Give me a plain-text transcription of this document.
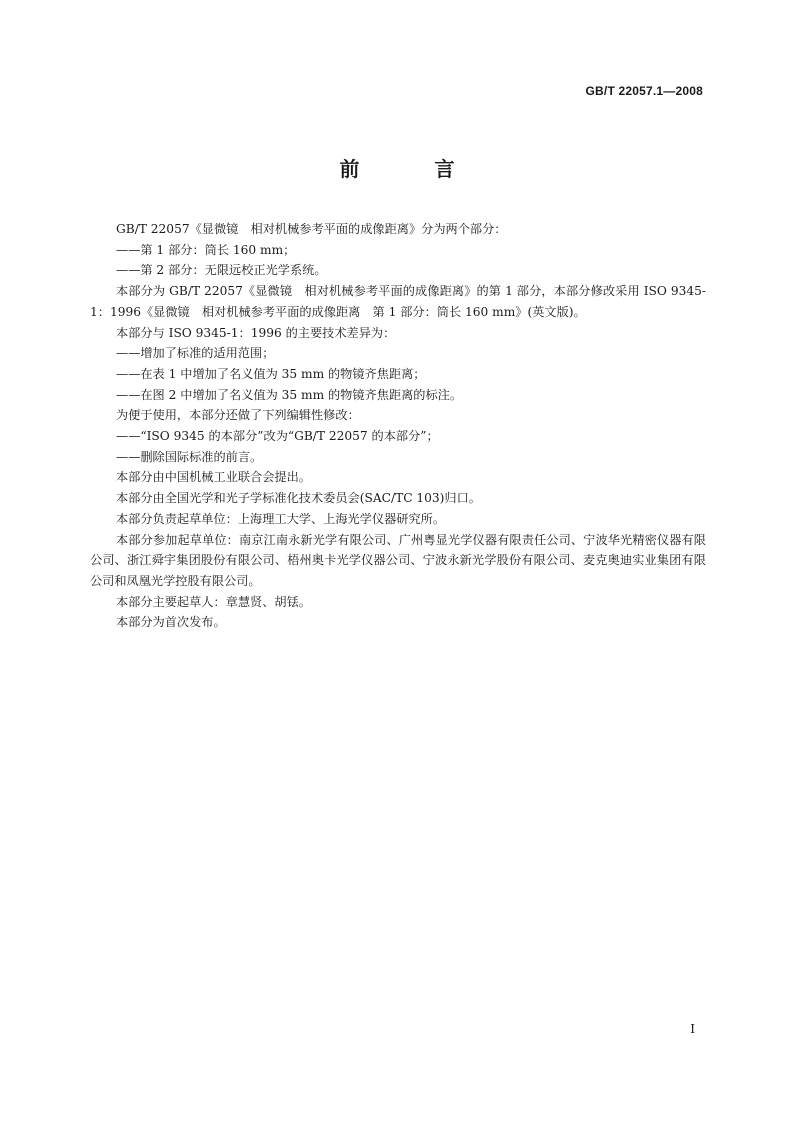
GB/T 22057.1—2008
前 言

GB/T 22057《显微镜　相对机械参考平面的成像距离》分为两个部分：

——第 1 部分：筒长 160 mm；

——第 2 部分：无限远校正光学系统。

本部分为 GB/T 22057《显微镜　相对机械参考平面的成像距离》的第 1 部分，本部分修改采用 ISO 9345-1：1996《显微镜　相对机械参考平面的成像距离　第 1 部分：筒长 160 mm》(英文版)。

本部分与 ISO 9345-1：1996 的主要技术差异为：

——增加了标准的适用范围；

——在表 1 中增加了名义值为 35 mm 的物镜齐焦距离；

——在图 2 中增加了名义值为 35 mm 的物镜齐焦距离的标注。

为便于使用，本部分还做了下列编辑性修改：

——“ISO 9345 的本部分”改为“GB/T 22057 的本部分”；

——删除国际标准的前言。

本部分由中国机械工业联合会提出。

本部分由全国光学和光子学标准化技术委员会(SAC/TC 103)归口。

本部分负责起草单位：上海理工大学、上海光学仪器研究所。

本部分参加起草单位：南京江南永新光学有限公司、广州粤显光学仪器有限责任公司、宁波华光精密仪器有限公司、浙江舜宇集团股份有限公司、梧州奥卡光学仪器公司、宁波永新光学股份有限公司、麦克奥迪实业集团有限公司和凤凰光学控股有限公司。

本部分主要起草人：章慧贤、胡铥。

本部分为首次发布。

I
